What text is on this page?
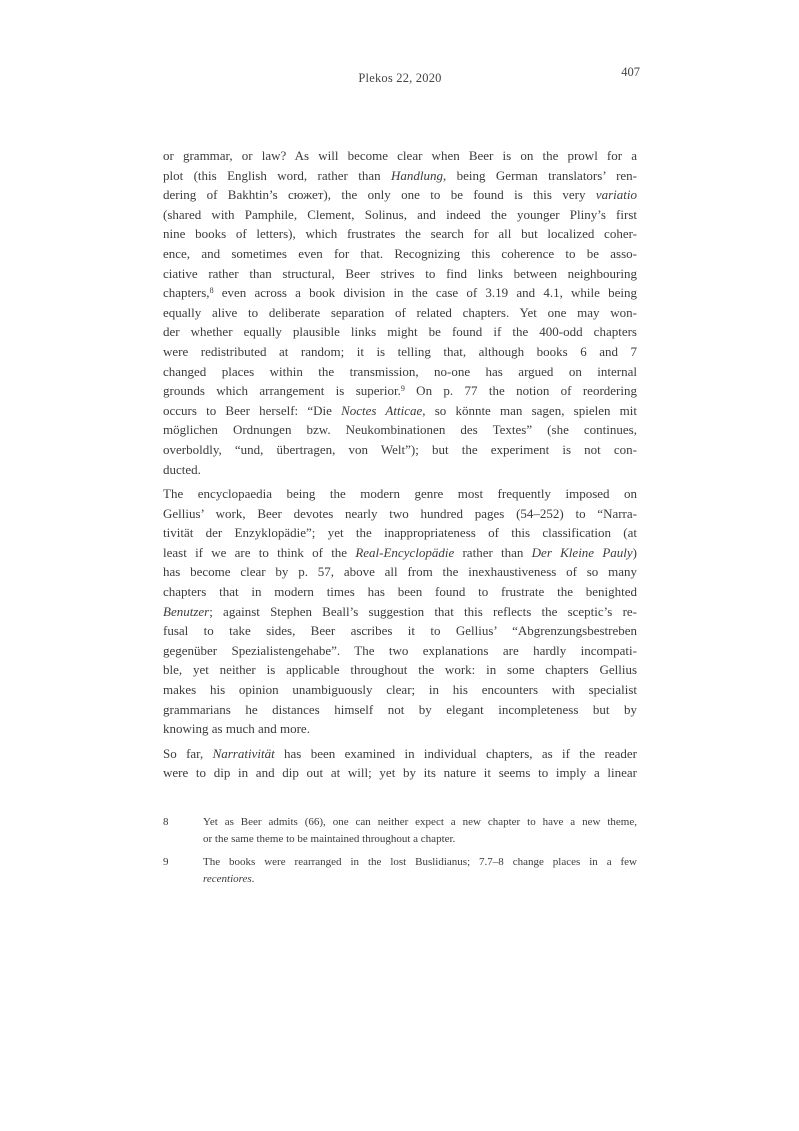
Plekos 22, 2020	407
or grammar, or law? As will become clear when Beer is on the prowl for a
plot (this English word, rather than Handlung, being German translators’ ren-
dering of Bakhtin’s сюжет), the only one to be found is this very variatio
(shared with Pamphile, Clement, Solinus, and indeed the younger Pliny’s first
nine books of letters), which frustrates the search for all but localized coher-
ence, and sometimes even for that. Recognizing this coherence to be asso-
ciative rather than structural, Beer strives to find links between neighbouring
chapters,$^8$ even across a book division in the case of 3.19 and 4.1, while being
equally alive to deliberate separation of related chapters. Yet one may won-
der whether equally plausible links might be found if the 400-odd chapters
were redistributed at random; it is telling that, although books 6 and 7
changed places within the transmission, no-one has argued on internal
grounds which arrangement is superior.$^9$ On p. 77 the notion of reordering
occurs to Beer herself: “Die Noctes Atticae, so könnte man sagen, spielen mit
möglichen Ordnungen bzw. Neukombinationen des Textes” (she continues,
overboldly, “und, übertragen, von Welt”); but the experiment is not con-
ducted.
The encyclopaedia being the modern genre most frequently imposed on
Gellius’ work, Beer devotes nearly two hundred pages (54–252) to “Narra-
tivität der Enzyklopädie”; yet the inappropriateness of this classification (at
least if we are to think of the Real-Encyclopädie rather than Der Kleine Pauly)
has become clear by p. 57, above all from the inexhaustiveness of so many
chapters that in modern times has been found to frustrate the benighted
Benutzer; against Stephen Beall’s suggestion that this reflects the sceptic’s re-
fusal to take sides, Beer ascribes it to Gellius’ “Abgrenzungsbestreben
gegenüber Spezialistengehabe”. The two explanations are hardly incompati-
ble, yet neither is applicable throughout the work: in some chapters Gellius
makes his opinion unambiguously clear; in his encounters with specialist
grammarians he distances himself not by elegant incompleteness but by
knowing as much and more.
So far, Narrativität has been examined in individual chapters, as if the reader
were to dip in and dip out at will; yet by its nature it seems to imply a linear
8	Yet as Beer admits (66), one can neither expect a new chapter to have a new theme,
or the same theme to be maintained throughout a chapter.
9	The books were rearranged in the lost Buslidianus; 7.7–8 change places in a few
recentiores.
